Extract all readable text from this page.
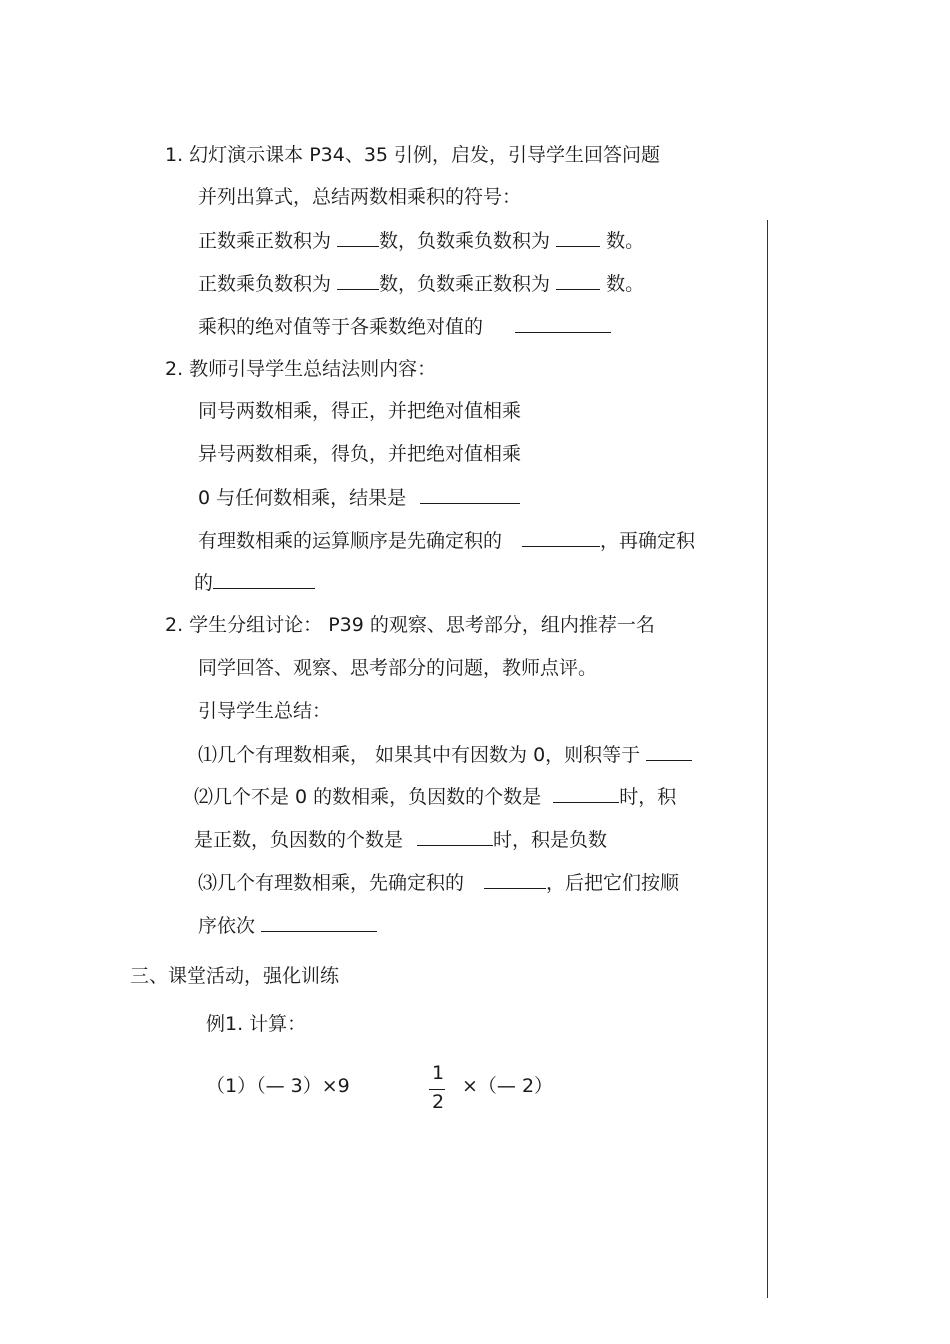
1. 幻灯演示课本 P34、35 引例，启发，引导学生回答问题
并列出算式，总结两数相乘积的符号：
正数乘正数积为 数，负数乘负数积为  数。
正数乘负数积为 数，负数乘正数积为  数。
乘积的绝对值等于各乘数绝对值的
2. 教师引导学生总结法则内容：
同号两数相乘，得正，并把绝对值相乘
异号两数相乘，得负，并把绝对值相乘
0 与任何数相乘，结果是
有理数相乘的运算顺序是先确定积的	，再确定积
的
2. 学生分组讨论： P39 的观察、思考部分，组内推荐一名
同学回答、观察、思考部分的问题，教师点评。
引导学生总结：
⑴几个有理数相乘， 如果其中有因数为 0，则积等于
⑵几个不是 0 的数相乘，负因数的个数是	时，积
是正数，负因数的个数是	时，积是负数
⑶几个有理数相乘，先确定积的	，后把它们按顺
序依次
三、课堂活动，强化训练
例1. 计算：
（1）（— 3）×9
1
2
×（— 2）
